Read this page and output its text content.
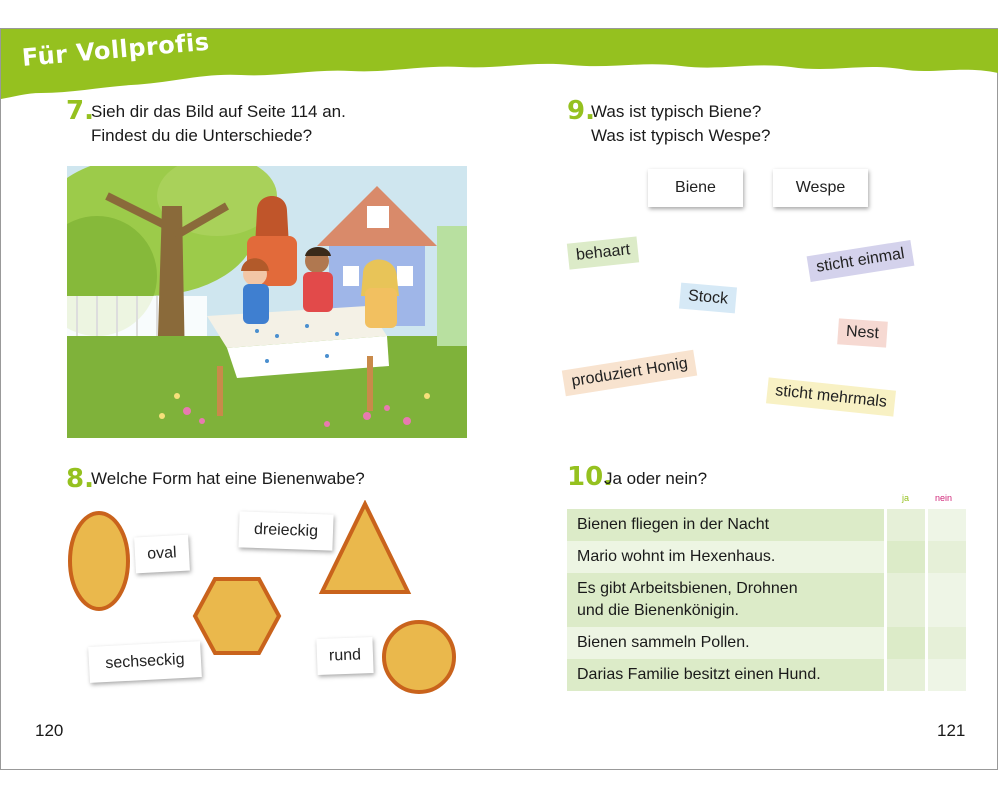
Für Vollprofis
7.
Sieh dir das Bild auf Seite 114 an.
Findest du die Unterschiede?
8.
Welche Form hat eine Bienenwabe?
oval
dreieckig
sechseckig	rund
9.
Was ist typisch Biene?
Was ist typisch Wespe?
Biene	Wespe
behaart	sticht einmal
Stock
Nest
produziert Honig
sticht mehrmals
10.
Ja oder nein?
ja	nein
Bienen fliegen in der Nacht		
Mario wohnt im Hexenhaus.		
Es gibt Arbeitsbienen, Drohnen
und die Bienenkönigin.		
Bienen sammeln Pollen.		
Darias Familie besitzt einen Hund.		
120	121
